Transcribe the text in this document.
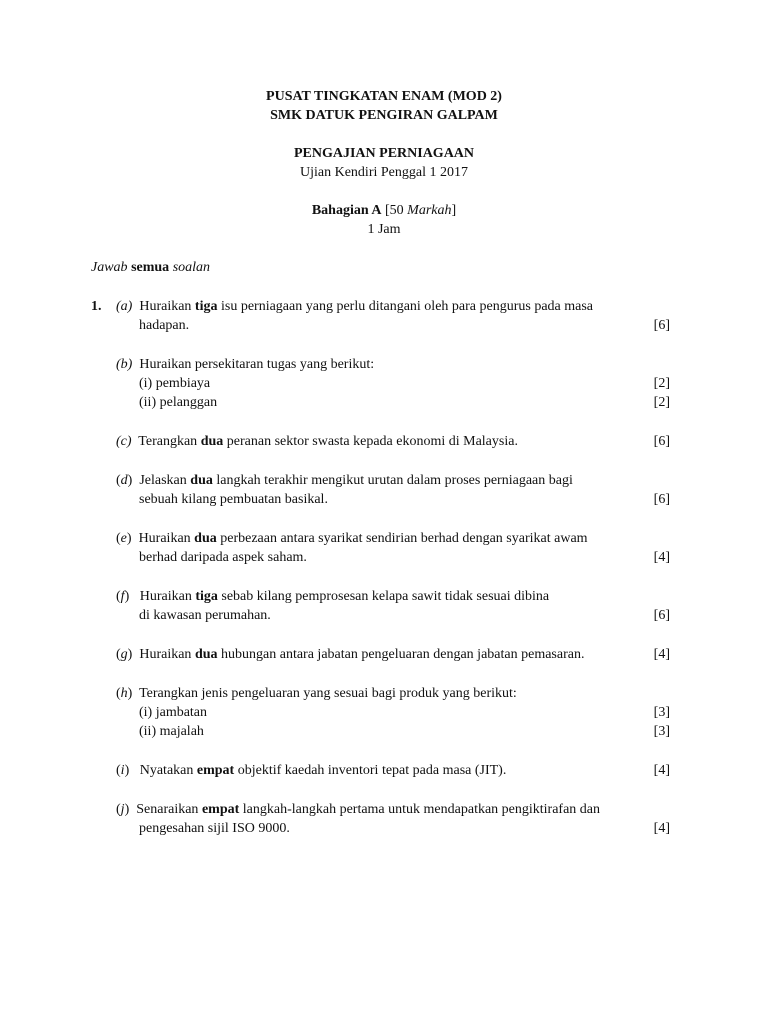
PUSAT TINGKATAN ENAM (MOD 2)
SMK DATUK PENGIRAN GALPAM
PENGAJIAN PERNIAGAAN
Ujian Kendiri Penggal 1 2017
Bahagian A [50 Markah]
1 Jam
Jawab semua soalan
1. (a) Huraikan tiga isu perniagaan yang perlu ditangani oleh para pengurus pada masa
hadapan.	[6]
(b) Huraikan persekitaran tugas yang berikut:
(i) pembiaya	[2]
(ii) pelanggan	[2]
(c) Terangkan dua peranan sektor swasta kepada ekonomi di Malaysia.	[6]
(d)  Jelaskan dua langkah terakhir mengikut urutan dalam proses perniagaan bagi
sebuah kilang pembuatan basikal.	[6]
(e)  Huraikan dua perbezaan antara syarikat sendirian berhad dengan syarikat awam
berhad daripada aspek saham.	[4]
(f)   Huraikan tiga sebab kilang pemprosesan kelapa sawit tidak sesuai dibina
di kawasan perumahan.	[6]
(g)  Huraikan dua hubungan antara jabatan pengeluaran dengan jabatan pemasaran.	[4]
(h)  Terangkan jenis pengeluaran yang sesuai bagi produk yang berikut:
(i) jambatan	[3]
(ii) majalah	[3]
(i)   Nyatakan empat objektif kaedah inventori tepat pada masa (JIT).	[4]
(j)  Senaraikan empat langkah-langkah pertama untuk mendapatkan pengiktirafan dan
pengesahan sijil ISO 9000.	[4]
